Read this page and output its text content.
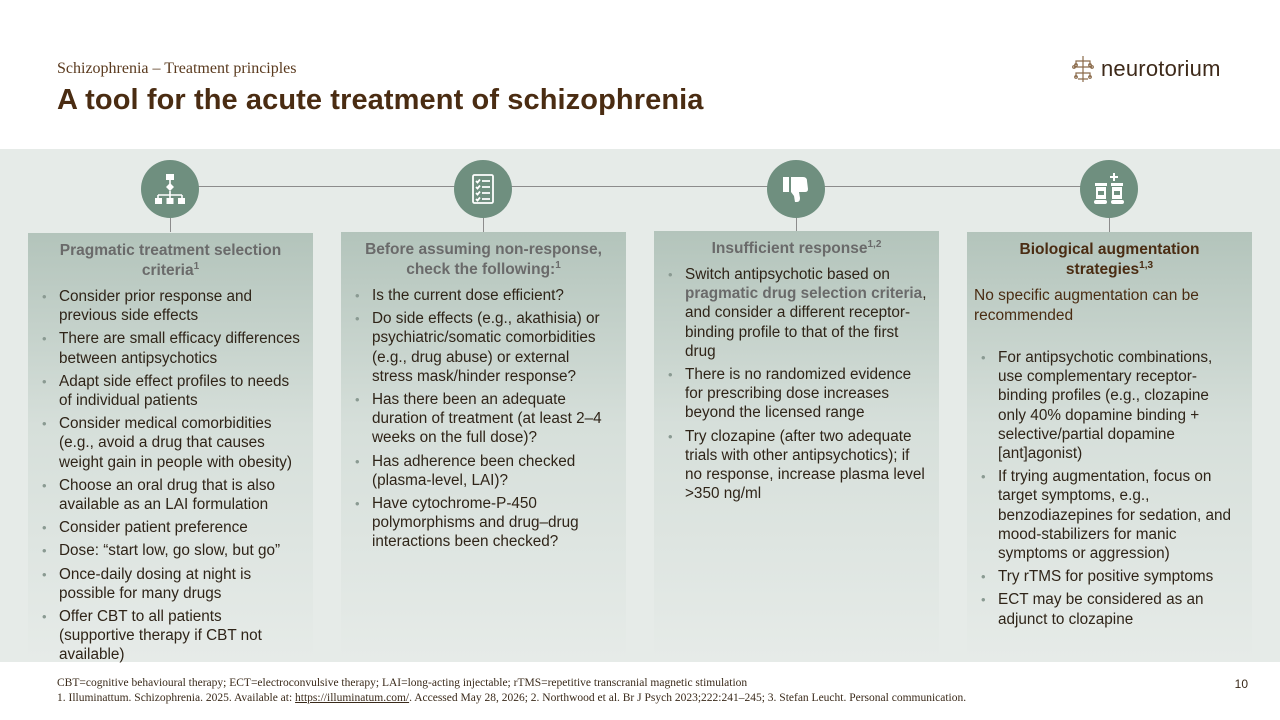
Schizophrenia – Treatment principles
A tool for the acute treatment of schizophrenia
neurotorium
Pragmatic treatment selection criteria$^1$
• Consider prior response and previous side effects
• There are small efficacy differences between antipsychotics
• Adapt side effect profiles to needs of individual patients
• Consider medical comorbidities (e.g., avoid a drug that causes weight gain in people with obesity)
• Choose an oral drug that is also available as an LAI formulation
• Consider patient preference
• Dose: “start low, go slow, but go”
• Once-daily dosing at night is possible for many drugs
• Offer CBT to all patients (supportive therapy if CBT not available)
Before assuming non-response, check the following:$^1$
• Is the current dose efficient?
• Do side effects (e.g., akathisia) or psychiatric/somatic comorbidities (e.g., drug abuse) or external stress mask/hinder response?
• Has there been an adequate duration of treatment (at least 2–4 weeks on the full dose)?
• Has adherence been checked (plasma-level, LAI)?
• Have cytochrome-P-450 polymorphisms and drug–drug interactions been checked?
Insufficient response$^{1,2}$
• Switch antipsychotic based on pragmatic drug selection criteria, and consider a different receptor-binding profile to that of the first drug
• There is no randomized evidence for prescribing dose increases beyond the licensed range
• Try clozapine (after two adequate trials with other antipsychotics); if no response, increase plasma level >350 ng/ml
Biological augmentation strategies$^{1,3}$
No specific augmentation can be recommended
• For antipsychotic combinations, use complementary receptor-binding profiles (e.g., clozapine only 40% dopamine binding + selective/partial dopamine [ant]agonist)
• If trying augmentation, focus on target symptoms, e.g., benzodiazepines for sedation, and mood-stabilizers for manic symptoms or aggression)
• Try rTMS for positive symptoms
• ECT may be considered as an adjunct to clozapine
CBT=cognitive behavioural therapy; ECT=electroconvulsive therapy; LAI=long-acting injectable; rTMS=repetitive transcranial magnetic stimulation
1. Illuminattum. Schizophrenia. 2025. Available at: https://illuminatum.com/. Accessed May 28, 2026; 2. Northwood et al. Br J Psych 2023;222:241–245; 3. Stefan Leucht. Personal communication.
10
